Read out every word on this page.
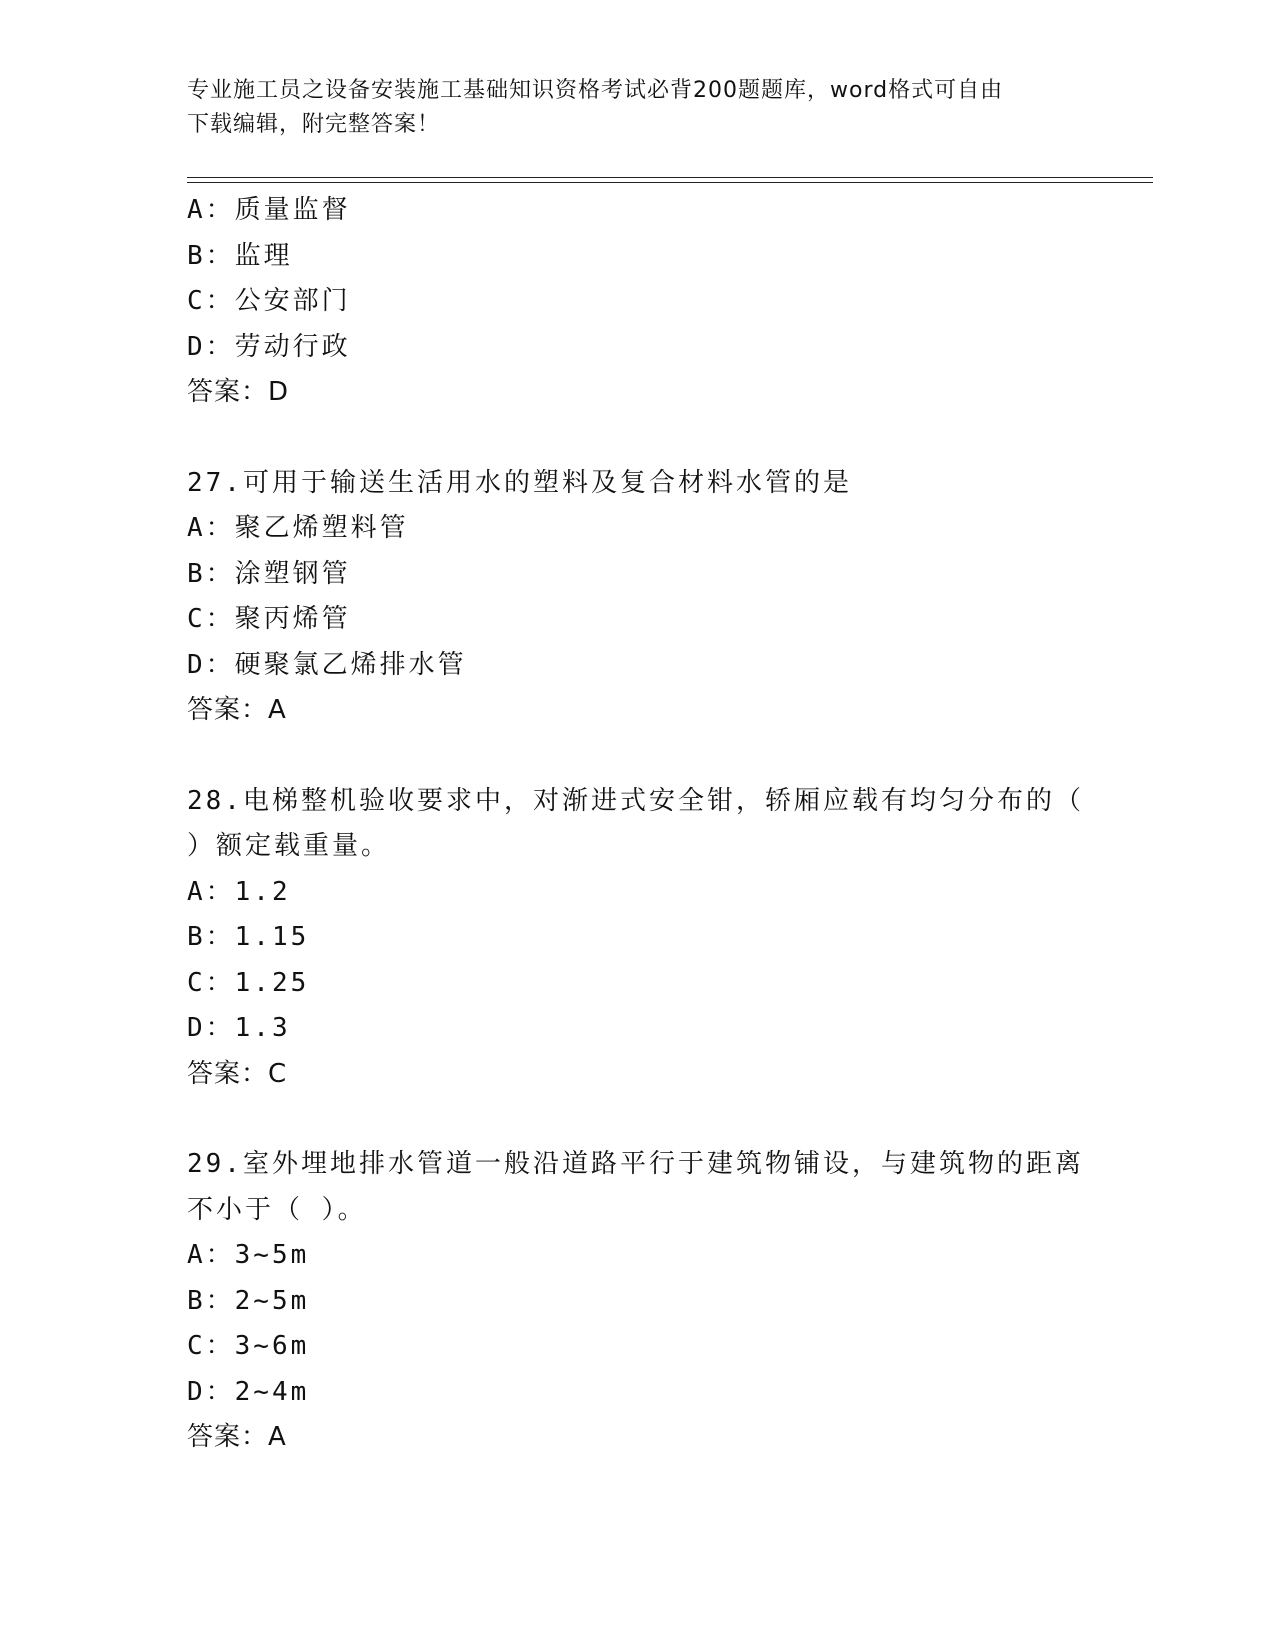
专业施工员之设备安装施工基础知识资格考试必背200题题库，word格式可自由
下载编辑，附完整答案！
A：质量监督
B：监理
C：公安部门
D：劳动行政
答案：D
27.可用于输送生活用水的塑料及复合材料水管的是
A：聚乙烯塑料管
B：涂塑钢管
C：聚丙烯管
D：硬聚氯乙烯排水管
答案：A
28.电梯整机验收要求中，对渐进式安全钳，轿厢应载有均匀分布的（
）额定载重量。
A：1.2
B：1.15
C：1.25
D：1.3
答案：C
29.室外埋地排水管道一般沿道路平行于建筑物铺设，与建筑物的距离
不小于（ ）。
A：3~5m
B：2~5m
C：3~6m
D：2~4m
答案：A
